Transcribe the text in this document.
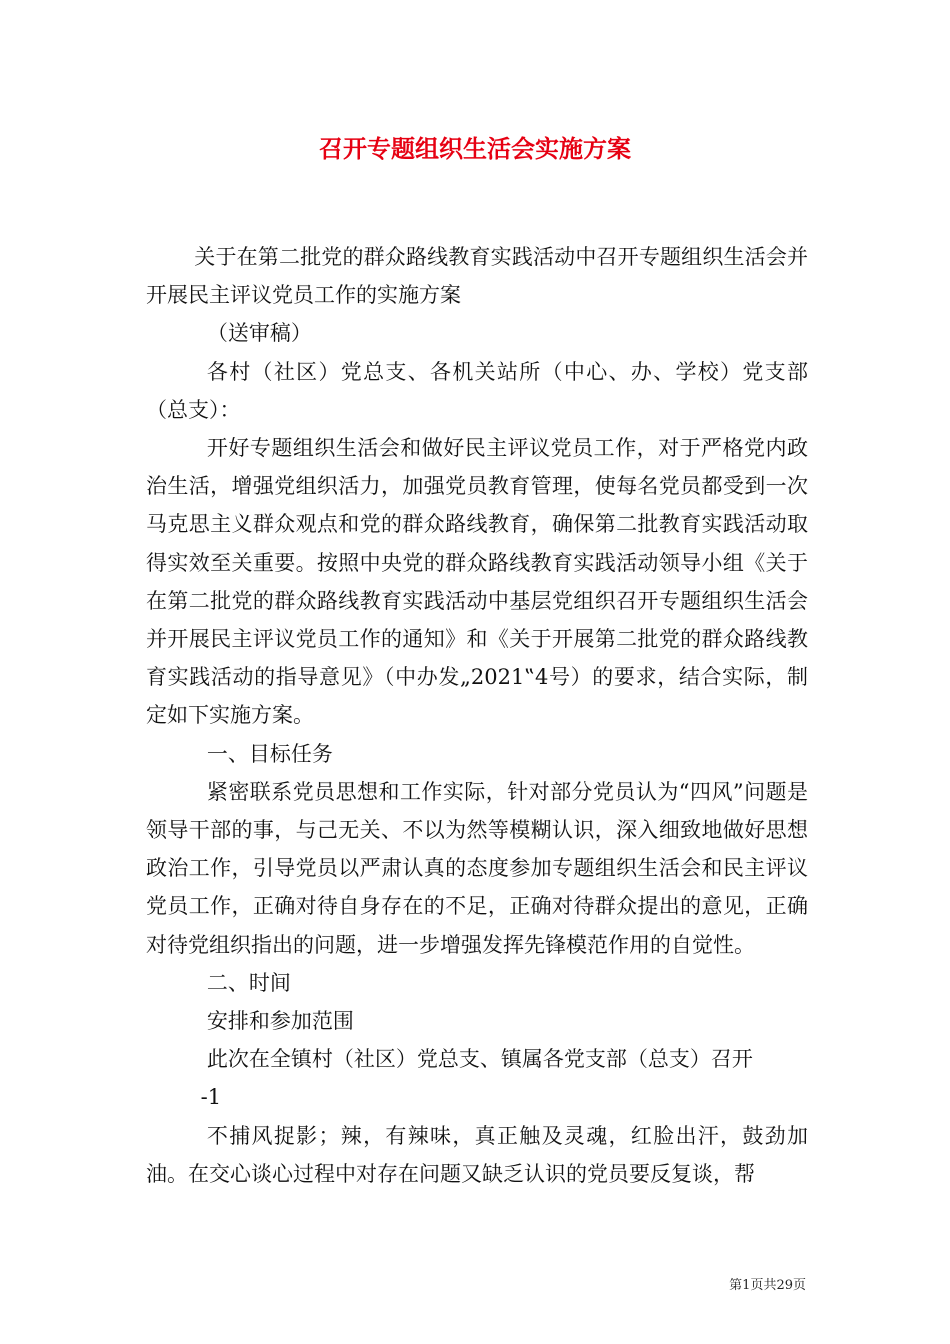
召开专题组织生活会实施方案

关于在第二批党的群众路线教育实践活动中召开专题组织生活会并开展民主评议党员工作的实施方案

（送审稿）

各村（社区）党总支、各机关站所（中心、办、学校）党支部（总支）：

开好专题组织生活会和做好民主评议党员工作，对于严格党内政治生活，增强党组织活力，加强党员教育管理，使每名党员都受到一次马克思主义群众观点和党的群众路线教育，确保第二批教育实践活动取得实效至关重要。按照中央党的群众路线教育实践活动领导小组《关于在第二批党的群众路线教育实践活动中基层党组织召开专题组织生活会并开展民主评议党员工作的通知》和《关于开展第二批党的群众路线教育实践活动的指导意见》（中办发„2021‟4号）的要求，结合实际，制定如下实施方案。

一、目标任务

紧密联系党员思想和工作实际，针对部分党员认为“四风”问题是领导干部的事，与己无关、不以为然等模糊认识，深入细致地做好思想政治工作，引导党员以严肃认真的态度参加专题组织生活会和民主评议党员工作，正确对待自身存在的不足，正确对待群众提出的意见，正确对待党组织指出的问题，进一步增强发挥先锋模范作用的自觉性。

二、时间

安排和参加范围

此次在全镇村（社区）党总支、镇属各党支部（总支）召开

-1

不捕风捉影；辣，有辣味，真正触及灵魂，红脸出汗，鼓劲加油。在交心谈心过程中对存在问题又缺乏认识的党员要反复谈，帮

第1页共29页
